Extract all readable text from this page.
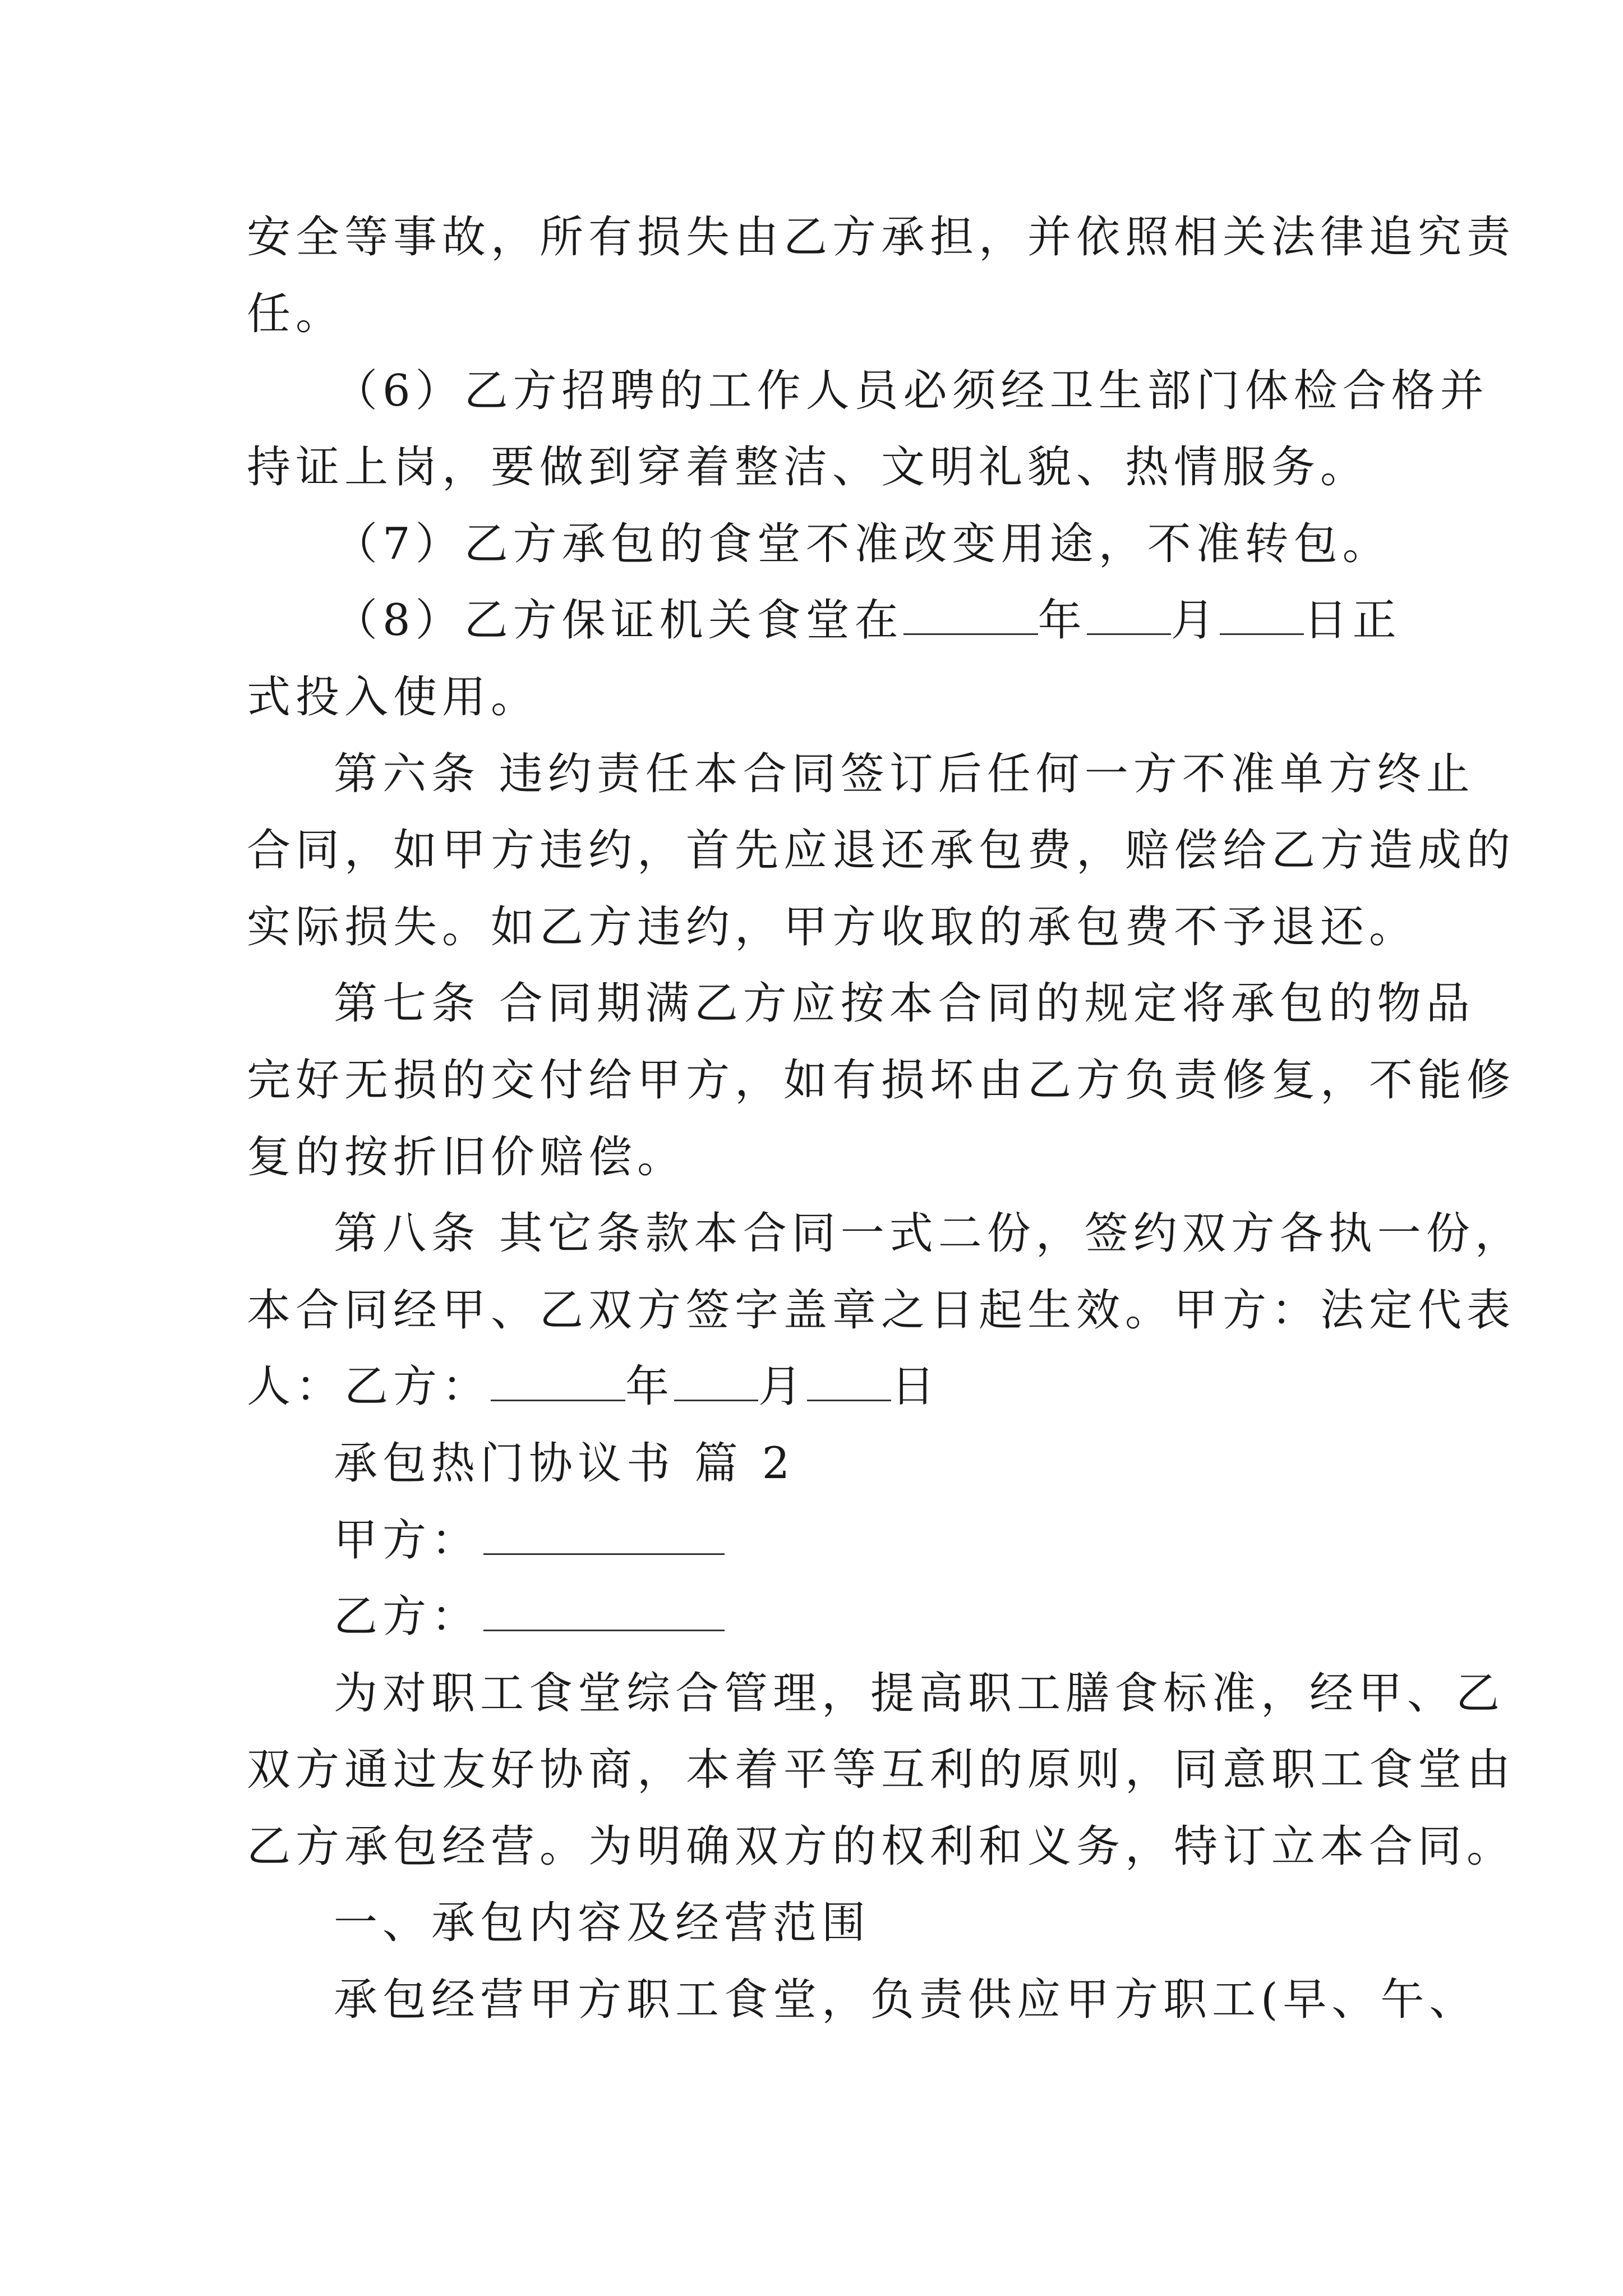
安全等事故，所有损失由乙方承担，并依照相关法律追究责
任。
（6）乙方招聘的工作人员必须经卫生部门体检合格并
持证上岗，要做到穿着整洁、文明礼貌、热情服务。
（7）乙方承包的食堂不准改变用途，不准转包。
（8）乙方保证机关食堂在	年 月 日正
式投入使用。
第六条 违约责任本合同签订后任何一方不准单方终止
合同，如甲方违约，首先应退还承包费，赔偿给乙方造成的
实际损失。如乙方违约，甲方收取的承包费不予退还。
第七条 合同期满乙方应按本合同的规定将承包的物品
完好无损的交付给甲方，如有损坏由乙方负责修复，不能修
复的按折旧价赔偿。
第八条 其它条款本合同一式二份，签约双方各执一份，
本合同经甲、乙双方签字盖章之日起生效。甲方：法定代表
人：乙方：	年 月 日
承包热门协议书 篇 2
甲方：
乙方：
为对职工食堂综合管理，提高职工膳食标准，经甲、乙
双方通过友好协商，本着平等互利的原则，同意职工食堂由
乙方承包经营。为明确双方的权利和义务，特订立本合同。
一、承包内容及经营范围
承包经营甲方职工食堂，负责供应甲方职工(早、午、
